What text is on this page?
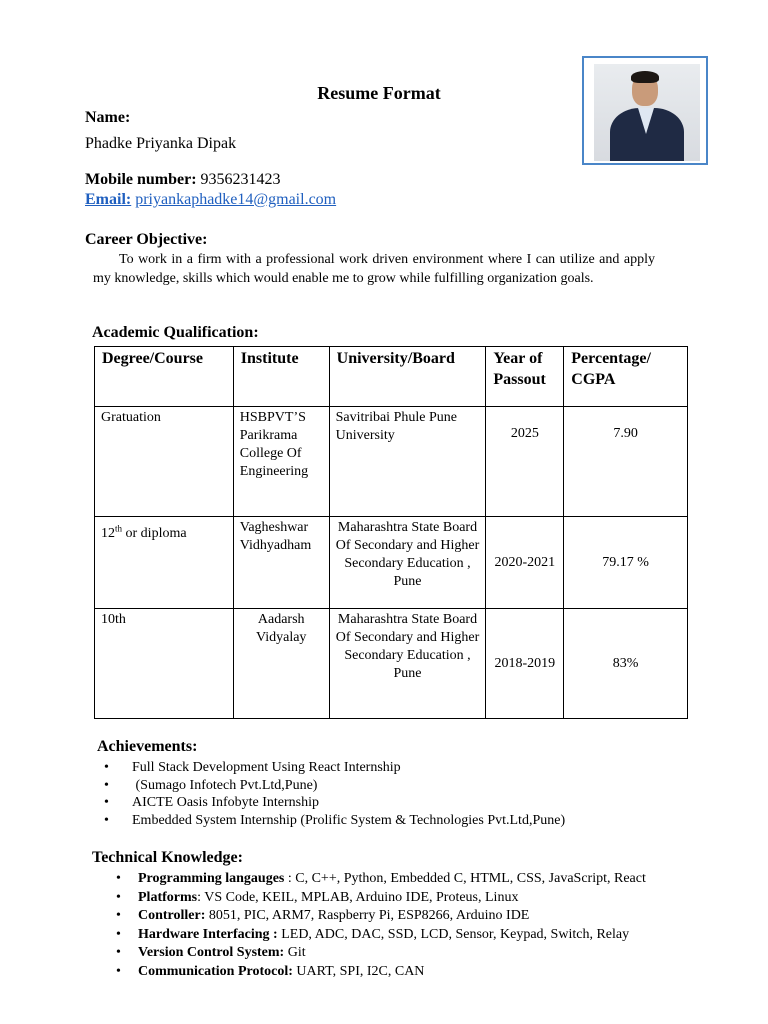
Resume Format
Name:
Phadke Priyanka Dipak
Mobile number: 9356231423
Email: priyankaphadke14@gmail.com
Career Objective:
To work in a firm with a professional work driven environment where I can utilize and apply my knowledge, skills which would enable me to grow while fulfilling organization goals.
Academic Qualification:
Degree/Course	Institute	University/Board	Year of Passout	Percentage/ CGPA
Gratuation	HSBPVT’S Parikrama College Of Engineering	Savitribai Phule Pune University	2025	7.90
12th or diploma	Vagheshwar Vidhyadham	Maharashtra State Board Of Secondary and Higher Secondary Education , Pune	2020-2021	79.17 %
10th	Aadarsh Vidyalay	Maharashtra State Board Of Secondary and Higher Secondary Education , Pune	2018-2019	83%
Achievements:
• Full Stack Development Using React Internship
•  (Sumago Infotech Pvt.Ltd,Pune)
• AICTE Oasis Infobyte Internship
• Embedded System Internship (Prolific System & Technologies Pvt.Ltd,Pune)
Technical Knowledge:
• Programming langauges : C, C++, Python, Embedded C, HTML, CSS, JavaScript, React
• Platforms: VS Code, KEIL, MPLAB, Arduino IDE, Proteus, Linux
• Controller: 8051, PIC, ARM7, Raspberry Pi, ESP8266, Arduino IDE
• Hardware Interfacing : LED, ADC, DAC, SSD, LCD, Sensor, Keypad, Switch, Relay
• Version Control System: Git
• Communication Protocol: UART, SPI, I2C, CAN
